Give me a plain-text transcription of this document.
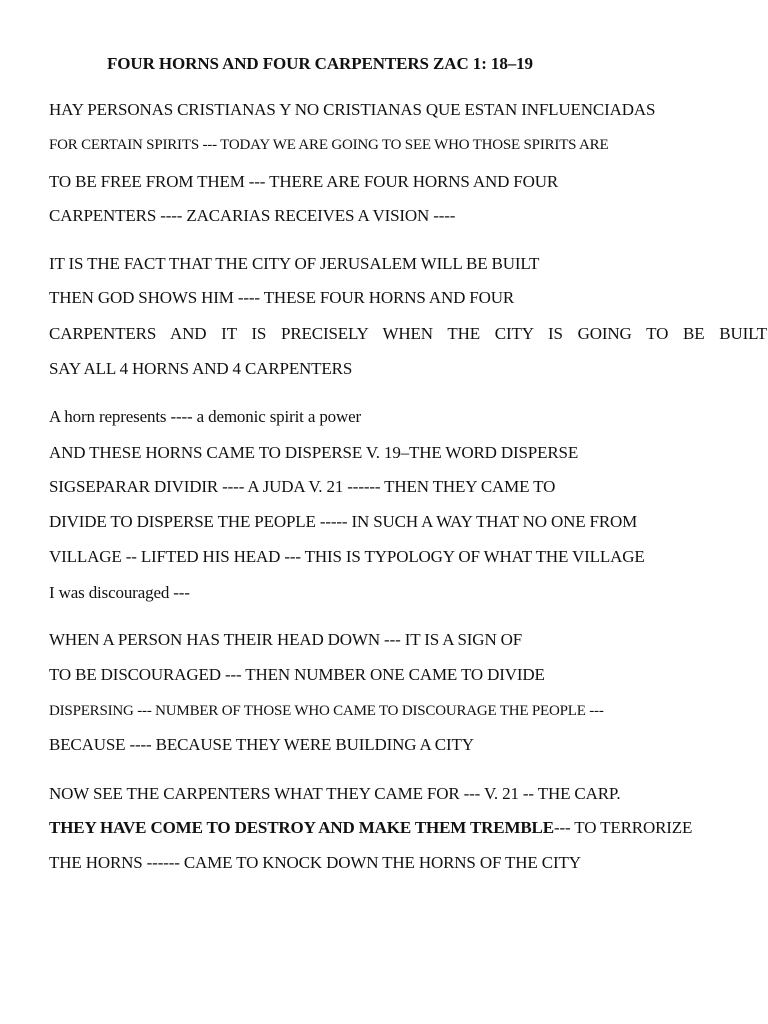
FOUR HORNS AND FOUR CARPENTERS ZAC 1: 18–19
HAY PERSONAS CRISTIANAS Y NO CRISTIANAS QUE ESTAN INFLUENCIADAS
FOR CERTAIN SPIRITS --- TODAY WE ARE GOING TO SEE WHO THOSE SPIRITS ARE
TO BE FREE FROM THEM --- THERE ARE FOUR HORNS AND FOUR
CARPENTERS ---- ZACARIAS RECEIVES A VISION ----
IT IS THE FACT THAT THE CITY OF JERUSALEM WILL BE BUILT
THEN GOD SHOWS HIM ---- THESE FOUR HORNS AND FOUR
CARPENTERS AND IT IS PRECISELY WHEN THE CITY IS GOING TO BE BUILT
SAY ALL 4 HORNS AND 4 CARPENTERS
A horn represents ---- a demonic spirit a power
AND THESE HORNS CAME TO DISPERSE V. 19–THE WORD DISPERSE
SIGSEPARAR DIVIDIR ---- A JUDA V. 21 ------ THEN THEY CAME TO
DIVIDE TO DISPERSE THE PEOPLE ----- IN SUCH A WAY THAT NO ONE FROM
VILLAGE -- LIFTED HIS HEAD --- THIS IS TYPOLOGY OF WHAT THE VILLAGE
I was discouraged ---
WHEN A PERSON HAS THEIR HEAD DOWN --- IT IS A SIGN OF
TO BE DISCOURAGED --- THEN NUMBER ONE CAME TO DIVIDE
DISPERSING --- NUMBER OF THOSE WHO CAME TO DISCOURAGE THE PEOPLE ---
BECAUSE ---- BECAUSE THEY WERE BUILDING A CITY
NOW SEE THE CARPENTERS WHAT THEY CAME FOR --- V. 21 -- THE CARP.
THEY HAVE COME TO DESTROY AND MAKE THEM TREMBLE--- TO TERRORIZE
THE HORNS ------ CAME TO KNOCK DOWN THE HORNS OF THE CITY
